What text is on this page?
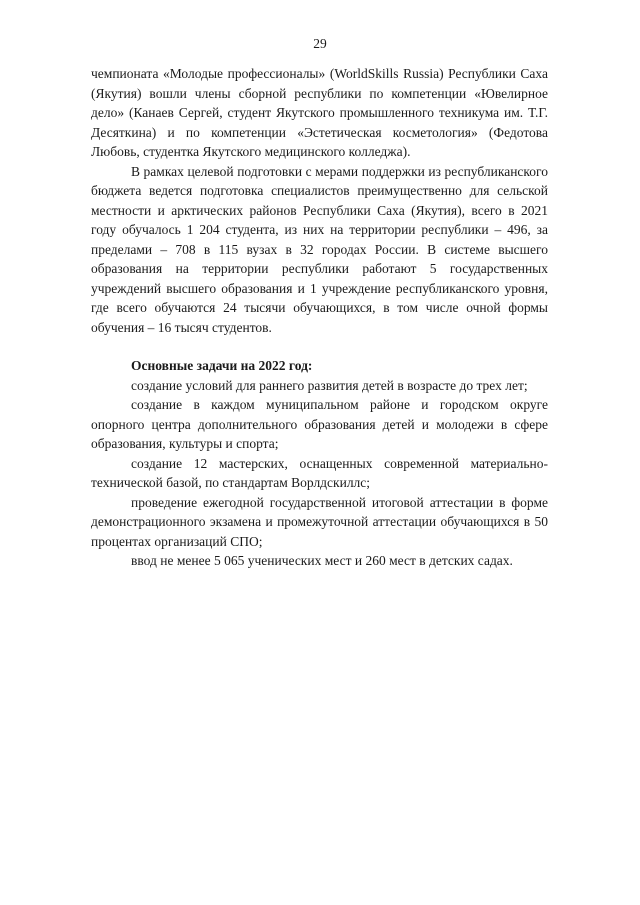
29

чемпионата «Молодые профессионалы» (WorldSkills Russia) Республики Саха (Якутия) вошли члены сборной республики по компетенции «Ювелирное дело» (Канаев Сергей, студент Якутского промышленного техникума им. Т.Г. Десяткина) и по компетенции «Эстетическая косметология» (Федотова Любовь, студентка Якутского медицинского колледжа).

В рамках целевой подготовки с мерами поддержки из республиканского бюджета ведется подготовка специалистов преимущественно для сельской местности и арктических районов Республики Саха (Якутия), всего в 2021 году обучалось 1 204 студента, из них на территории республики – 496, за пределами – 708 в 115 вузах в 32 городах России. В системе высшего образования на территории республики работают 5 государственных учреждений высшего образования и 1 учреждение республиканского уровня, где всего обучаются 24 тысячи обучающихся, в том числе очной формы обучения – 16 тысяч студентов.

Основные задачи на 2022 год:

создание условий для раннего развития детей в возрасте до трех лет;

создание в каждом муниципальном районе и городском округе опорного центра дополнительного образования детей и молодежи в сфере образования, культуры и спорта;

создание 12 мастерских, оснащенных современной материально-технической базой, по стандартам Ворлдскиллс;

проведение ежегодной государственной итоговой аттестации в форме демонстрационного экзамена и промежуточной аттестации обучающихся в 50 процентах организаций СПО;

ввод не менее 5 065 ученических мест и 260 мест в детских садах.
